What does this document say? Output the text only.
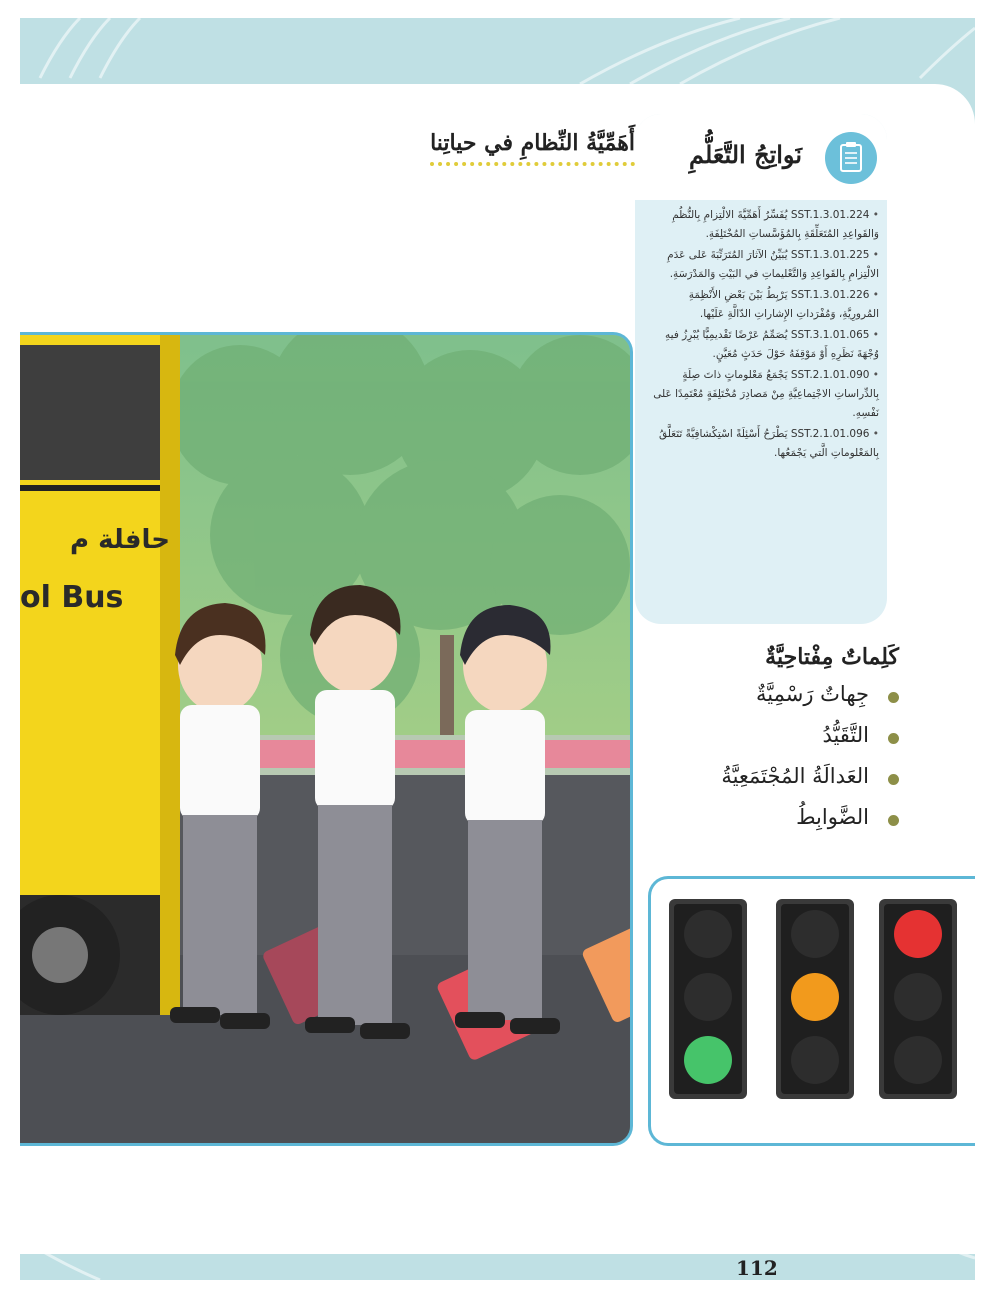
أَهَمِّيَّةُ النِّظامِ في حياتِنا نَواتِجُ التَّعَلُّمِ
• SST.1.3.01.224 يُفَسِّرُ أَهَمِّيَّةَ الالْتِزامِ بِالنُّظُمِ وَالقَواعِدِ المُتَعَلِّقَةِ بِالمُؤَسَّساتِ المُخْتَلِفَةِ.
• SST.1.3.01.225 يُبَيِّنُ الآثارَ المُتَرَتِّبَةَ عَلى عَدَمِ الالْتِزامِ بِالقَواعِدِ وَالتَّعْليماتِ في البَيْتِ وَالمَدْرَسَةِ.
• SST.1.3.01.226 يَرْبِطُ بَيْنَ بَعْضِ الأَنْظِمَةِ المُرورِيَّةِ، وَمُفْرَداتِ الإِشاراتِ الدّالَّةِ عَلَيْها.
• SST.3.1.01.065 يُصَمِّمُ عَرْضًا تَقْديمِيًّا يُبْرِزُ فيهِ وُجْهَةَ نَظَرِهِ أَوْ مَوْقِفَهُ حَوْلَ حَدَثٍ مُعَيَّنٍ.
• SST.2.1.01.090 يَجْمَعُ مَعْلوماتٍ ذاتَ صِلَةٍ بِالدِّراساتِ الاجْتِماعِيَّةِ مِنْ مَصادِرَ مُخْتَلِفَةٍ مُعْتَمِدًا عَلى نَفْسِهِ.
• SST.2.1.01.096 يَطْرَحُ أَسْئِلَةً اسْتِكْشافِيَّةً تَتَعَلَّقُ بِالمَعْلوماتِ الَّتي يَجْمَعُها.
حافلة م
ol Bus
كَلِماتٌ مِفْتاحِيَّةٌ
جِهاتٌ رَسْمِيَّةٌ
التَّقَيُّدُ
العَدالَةُ المُجْتَمَعِيَّةُ
الضَّوابِطُ
112
